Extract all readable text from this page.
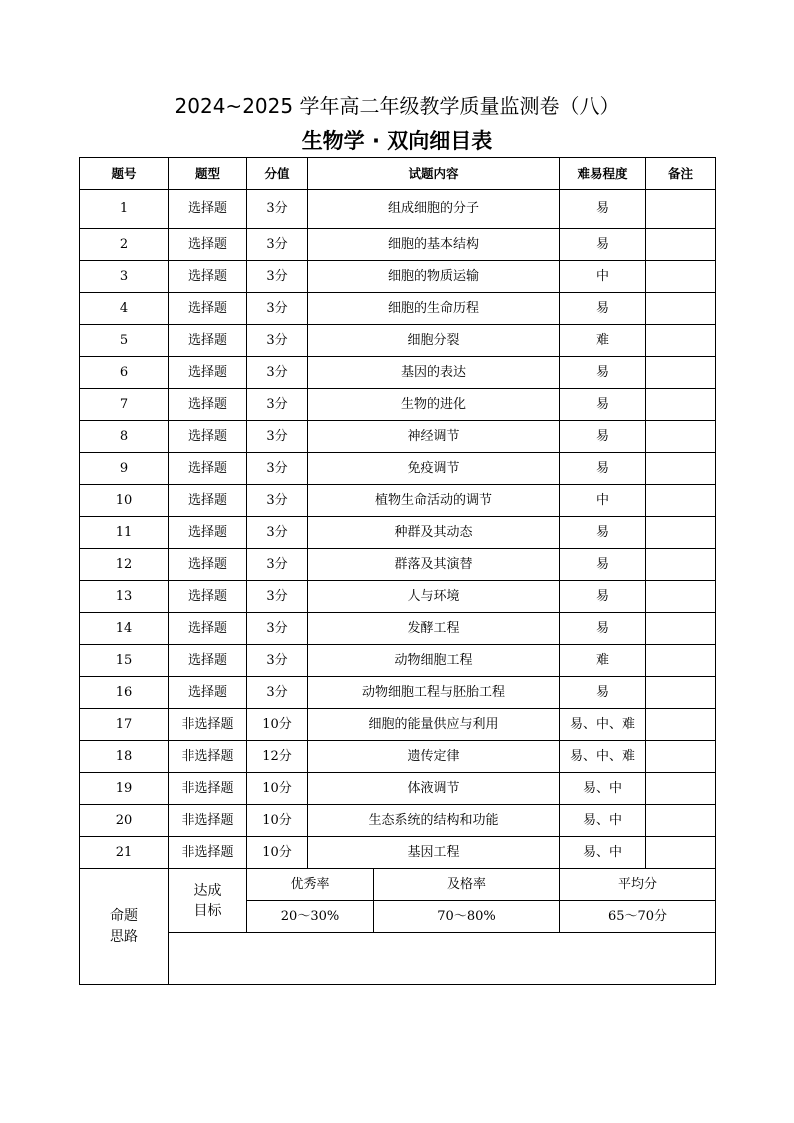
2024~2025 学年高二年级教学质量监测卷（八）
生物学 · 双向细目表
题号	题型	分值	试题内容		难易程度	备注
1	选择题	3分	组成细胞的分子		易	
2	选择题	3分	细胞的基本结构		易	
3	选择题	3分	细胞的物质运输		中	
4	选择题	3分	细胞的生命历程		易	
5	选择题	3分	细胞分裂		难	
6	选择题	3分	基因的表达		易	
7	选择题	3分	生物的进化		易	
8	选择题	3分	神经调节		易	
9	选择题	3分	免疫调节		易	
10	选择题	3分	植物生命活动的调节		中	
11	选择题	3分	种群及其动态		易	
12	选择题	3分	群落及其演替		易	
13	选择题	3分	人与环境		易	
14	选择题	3分	发酵工程		易	
15	选择题	3分	动物细胞工程		难	
16	选择题	3分	动物细胞工程与胚胎工程		易	
17	非选择题	10分	细胞的能量供应与利用		易、中、难	
18	非选择题	12分	遗传定律		易、中、难	
19	非选择题	10分	体液调节		易、中	
20	非选择题	10分	生态系统的结构和功能		易、中	
21	非选择题	10分	基因工程		易、中	

命题思路	达成目标	优秀率		及格率	平均分	
		20～30%		70～80%	65～70分	
